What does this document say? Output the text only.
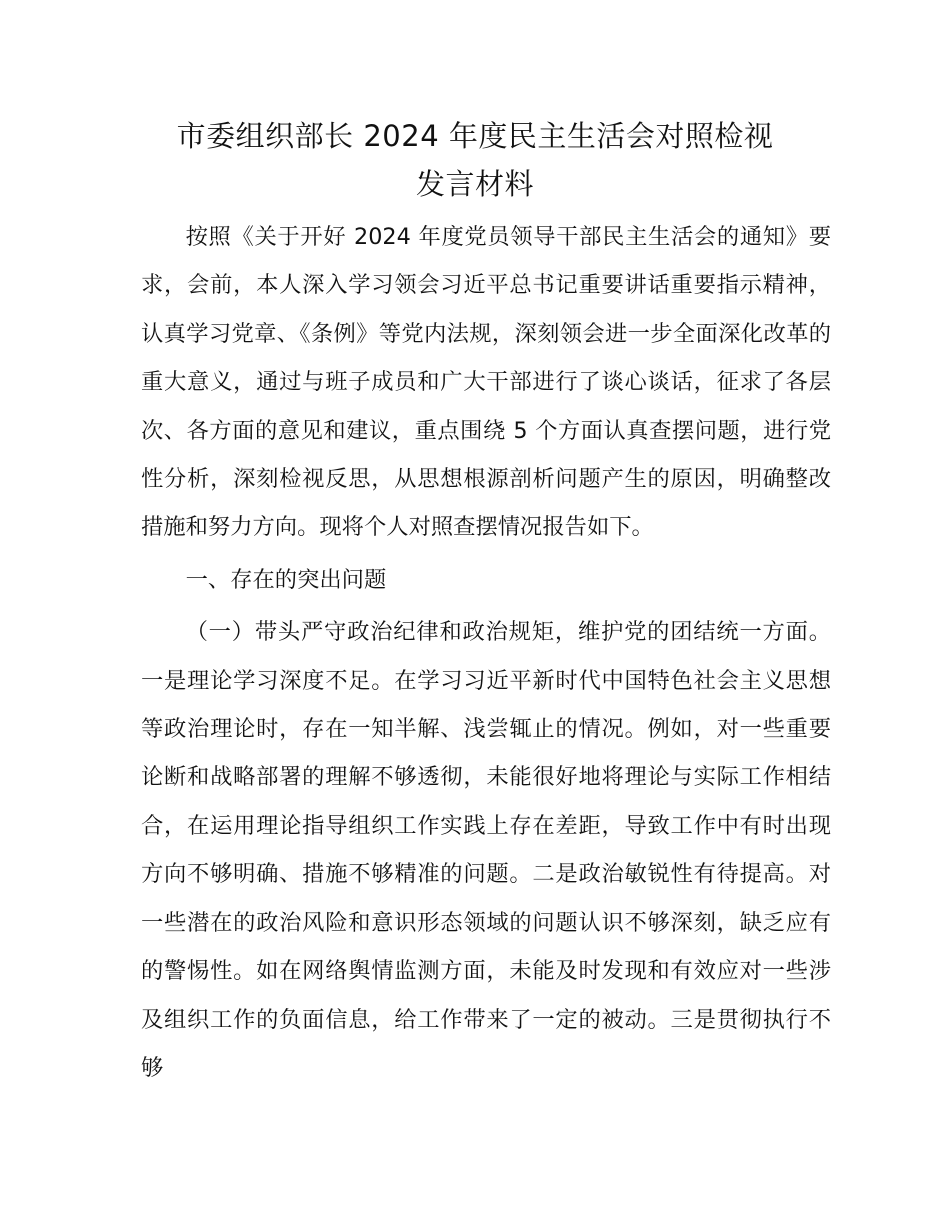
市委组织部长 2024 年度民主生活会对照检视
发言材料

按照《关于开好 2024 年度党员领导干部民主生活会的通知》要求，会前，本人深入学习领会习近平总书记重要讲话重要指示精神，认真学习党章、《条例》等党内法规，深刻领会进一步全面深化改革的重大意义，通过与班子成员和广大干部进行了谈心谈话，征求了各层次、各方面的意见和建议，重点围绕 5 个方面认真查摆问题，进行党性分析，深刻检视反思，从思想根源剖析问题产生的原因，明确整改措施和努力方向。现将个人对照查摆情况报告如下。

一、存在的突出问题

（一）带头严守政治纪律和政治规矩，维护党的团结统一方面。一是理论学习深度不足。在学习习近平新时代中国特色社会主义思想等政治理论时，存在一知半解、浅尝辄止的情况。例如，对一些重要论断和战略部署的理解不够透彻，未能很好地将理论与实际工作相结合，在运用理论指导组织工作实践上存在差距，导致工作中有时出现方向不够明确、措施不够精准的问题。二是政治敏锐性有待提高。对一些潜在的政治风险和意识形态领域的问题认识不够深刻，缺乏应有的警惕性。如在网络舆情监测方面，未能及时发现和有效应对一些涉及组织工作的负面信息，给工作带来了一定的被动。三是贯彻执行不够
